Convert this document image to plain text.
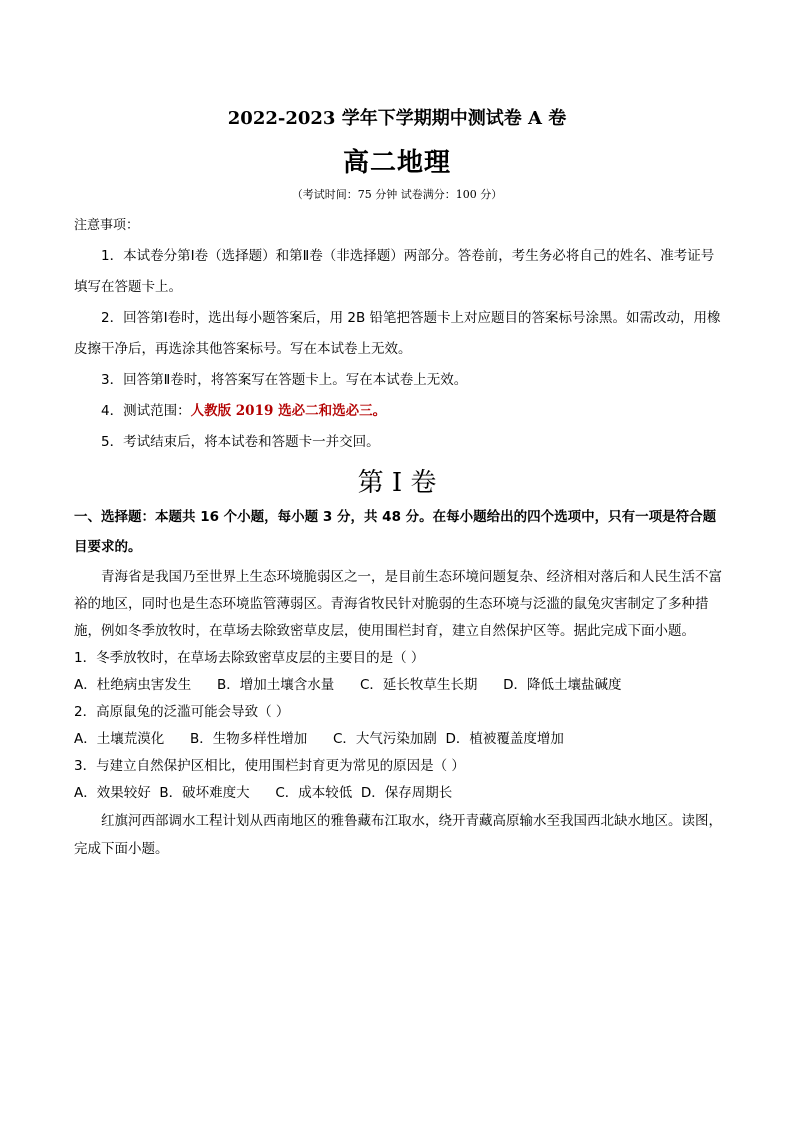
2022-2023 学年下学期期中测试卷 A 卷
高二地理
（考试时间：75 分钟 试卷满分：100 分）
注意事项：

1．本试卷分第Ⅰ卷（选择题）和第Ⅱ卷（非选择题）两部分。答卷前，考生务必将自己的姓名、准考证号填写在答题卡上。

2．回答第Ⅰ卷时，选出每小题答案后，用 2B 铅笔把答题卡上对应题目的答案标号涂黑。如需改动，用橡皮擦干净后，再选涂其他答案标号。写在本试卷上无效。

3．回答第Ⅱ卷时，将答案写在答题卡上。写在本试卷上无效。

4．测试范围：人教版 2019 选必二和选必三。

5．考试结束后，将本试卷和答题卡一并交回。

第 I 卷

一、选择题：本题共 16 个小题，每小题 3 分，共 48 分。在每小题给出的四个选项中，只有一项是符合题目要求的。

青海省是我国乃至世界上生态环境脆弱区之一，是目前生态环境问题复杂、经济相对落后和人民生活不富裕的地区，同时也是生态环境监管薄弱区。青海省牧民针对脆弱的生态环境与泛滥的鼠兔灾害制定了多种措施，例如冬季放牧时，在草场去除致密草皮层，使用围栏封育，建立自然保护区等。据此完成下面小题。

1．冬季放牧时，在草场去除致密草皮层的主要目的是（ ）

A．杜绝病虫害发生      B．增加土壤含水量      C．延长牧草生长期      D．降低土壤盐碱度

2．高原鼠兔的泛滥可能会导致（ ）

A．土壤荒漠化      B．生物多样性增加      C．大气污染加剧  D．植被覆盖度增加

3．与建立自然保护区相比，使用围栏封育更为常见的原因是（ ）

A．效果较好  B．破坏难度大      C．成本较低  D．保存周期长

红旗河西部调水工程计划从西南地区的雅鲁藏布江取水，绕开青藏高原输水至我国西北缺水地区。读图，完成下面小题。
